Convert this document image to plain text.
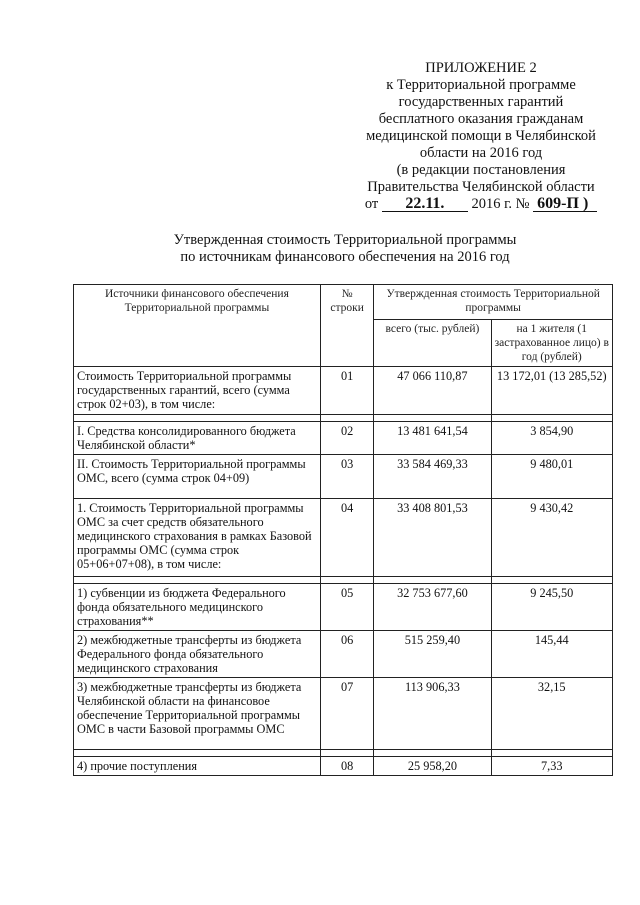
ПРИЛОЖЕНИЕ 2
к Территориальной программе
государственных гарантий
бесплатного оказания гражданам
медицинской помощи в Челябинской
области на 2016 год
(в редакции постановления
Правительства Челябинской области
от 22.11. 2016 г. № 609-П )
Утвержденная стоимость Территориальной программы
по источникам финансового обеспечения на 2016 год
Источники финансового обеспечения Территориальной программы	№ строки	Утвержденная стоимость Территориальной программы	
		всего (тыс. рублей)	на 1 жителя (1 застрахованное лицо) в год (рублей)
Стоимость Территориальной программы государственных гарантий, всего (сумма строк 02+03), в том числе:	01	47 066 110,87	13 172,01 (13 285,52)

I. Средства консолидированного бюджета Челябинской области*	02	13 481 641,54	3 854,90
II. Стоимость Территориальной программы ОМС, всего (сумма строк 04+09)	03	33 584 469,33	9 480,01
1. Стоимость Территориальной программы ОМС за счет средств обязательного медицинского страхования в рамках Базовой программы ОМС (сумма строк 05+06+07+08), в том числе:	04	33 408 801,53	9 430,42

1) субвенции из бюджета Федерального фонда обязательного медицинского страхования**	05	32 753 677,60	9 245,50
2) межбюджетные трансферты из бюджета Федерального фонда обязательного медицинского страхования	06	515 259,40	145,44
3) межбюджетные трансферты из бюджета Челябинской области на финансовое обеспечение Территориальной программы ОМС в части Базовой программы ОМС	07	113 906,33	32,15

4) прочие поступления	08	25 958,20	7,33
